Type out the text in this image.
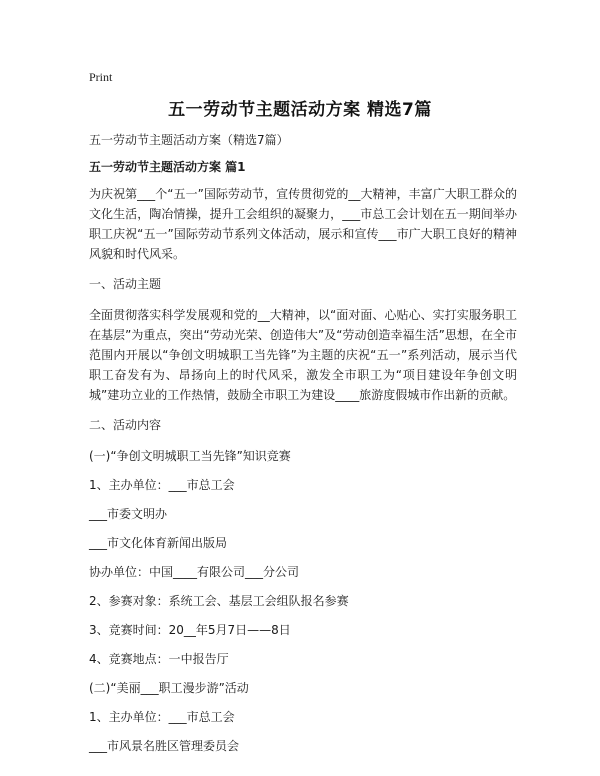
Print
五一劳动节主题活动方案 精选7篇

五一劳动节主题活动方案（精选7篇）

五一劳动节主题活动方案 篇1

为庆祝第___个“五一”国际劳动节，宣传贯彻党的__大精神，丰富广大职工群众的文化生活，陶冶情操，提升工会组织的凝聚力，___市总工会计划在五一期间举办职工庆祝“五一”国际劳动节系列文体活动，展示和宣传___市广大职工良好的精神风貌和时代风采。

一、活动主题

全面贯彻落实科学发展观和党的__大精神，以“面对面、心贴心、实打实服务职工在基层”为重点，突出“劳动光荣、创造伟大”及“劳动创造幸福生活”思想，在全市范围内开展以“争创文明城职工当先锋”为主题的庆祝“五一”系列活动，展示当代职工奋发有为、昂扬向上的时代风采，激发全市职工为“项目建设年争创文明城”建功立业的工作热情，鼓励全市职工为建设____旅游度假城市作出新的贡献。

二、活动内容

(一)“争创文明城职工当先锋”知识竞赛

1、主办单位：___市总工会

___市委文明办

___市文化体育新闻出版局

协办单位：中国____有限公司___分公司

2、参赛对象：系统工会、基层工会组队报名参赛

3、竞赛时间：20__年5月7日——8日

4、竞赛地点：一中报告厅

(二)“美丽___职工漫步游”活动

1、主办单位：___市总工会

___市风景名胜区管理委员会
